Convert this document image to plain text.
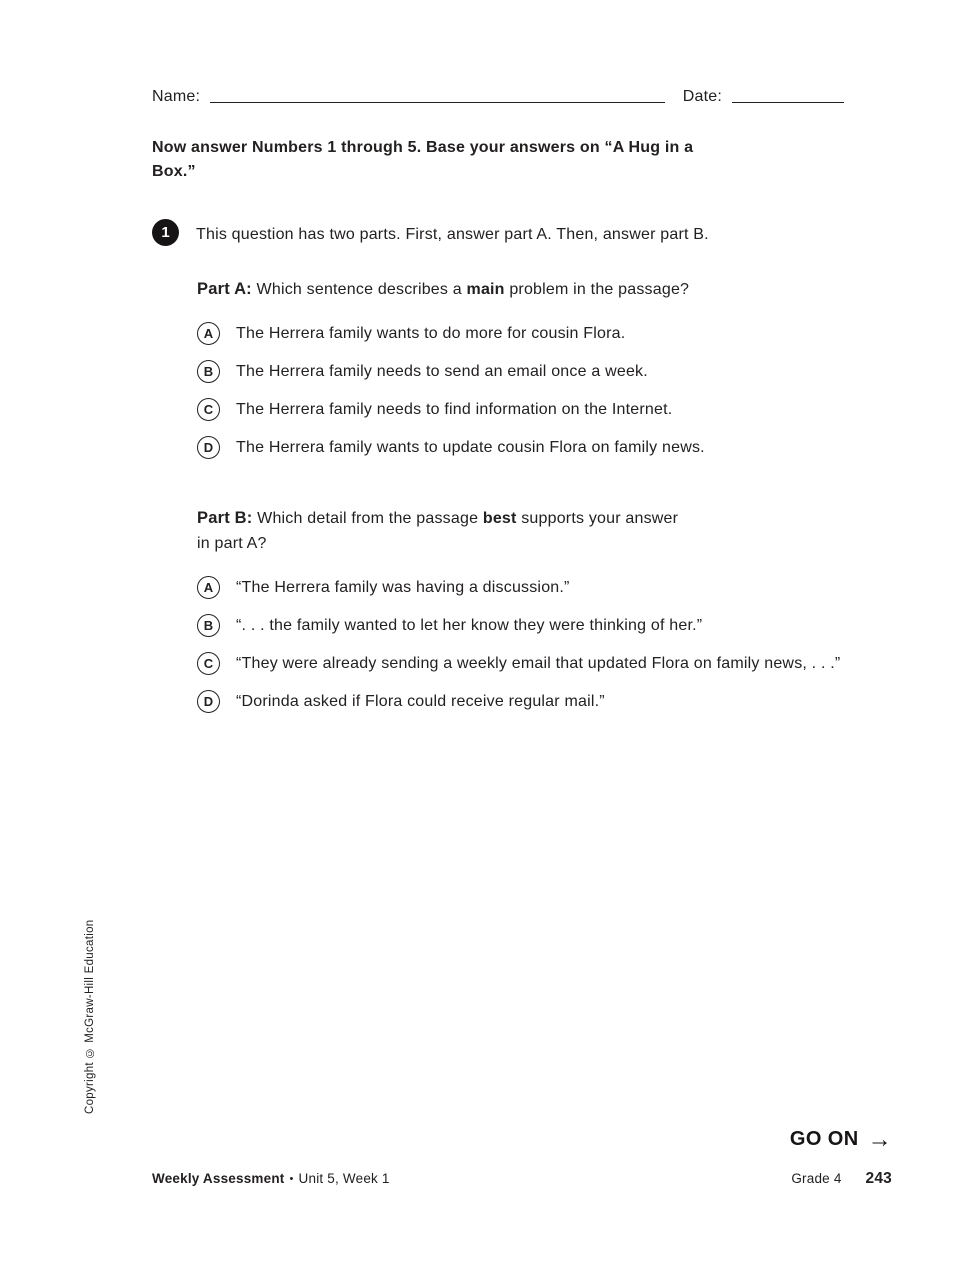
Name:	Date:
Now answer Numbers 1 through 5. Base your answers on “A Hug in a Box.”
1	This question has two parts. First, answer part A. Then, answer part B.
Part A: Which sentence describes a main problem in the passage?
A	The Herrera family wants to do more for cousin Flora.
B	The Herrera family needs to send an email once a week.
C	The Herrera family needs to find information on the Internet.
D	The Herrera family wants to update cousin Flora on family news.
Part B: Which detail from the passage best supports your answer in part A?
A	“The Herrera family was having a discussion.”
B	“. . . the family wanted to let her know they were thinking of her.”
C	“They were already sending a weekly email that updated Flora on family news, . . .”
D	“Dorinda asked if Flora could receive regular mail.”
Copyright © McGraw-Hill Education
GO ON →
Weekly Assessment • Unit 5, Week 1	Grade 4 243
